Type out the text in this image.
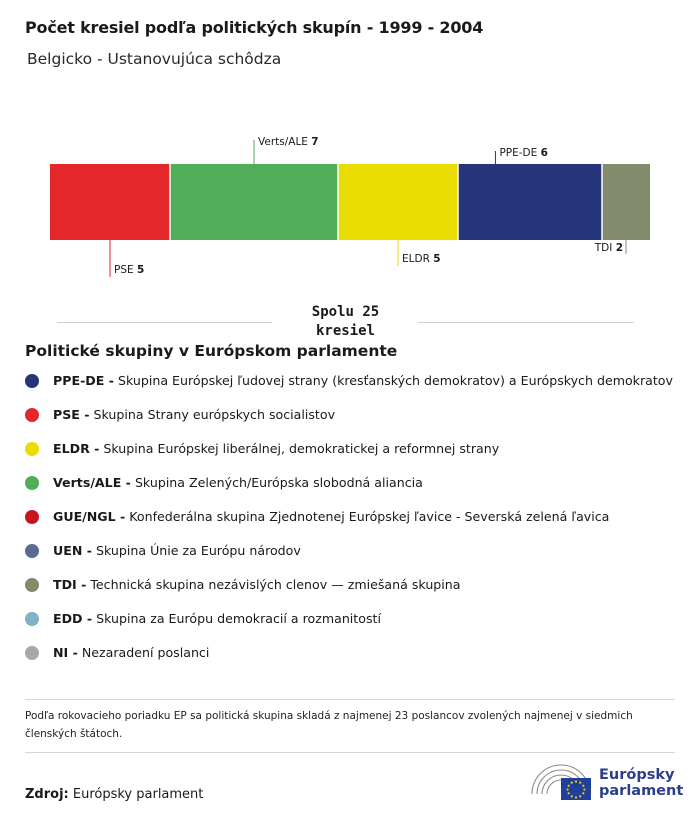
Počet kresiel podľa politických skupín - 1999 - 2004
Belgicko - Ustanovujúca schôdza
PSE 5
Verts/ALE 7
ELDR 5
PPE-DE 6
TDI 2
Spolu 25
kresiel
Politické skupiny v Európskom parlamente
PPE-DE - Skupina Európskej ľudovej strany (kresťanských demokratov) a Európskych demokratov
PSE - Skupina Strany európskych socialistov
ELDR - Skupina Európskej liberálnej, demokratickej a reformnej strany
Verts/ALE - Skupina Zelených/Európska slobodná aliancia
GUE/NGL - Konfederálna skupina Zjednotenej Európskej ľavice - Severská zelená ľavica
UEN - Skupina Únie za Európu národov
TDI - Technická skupina nezávislých clenov — zmiešaná skupina
EDD - Skupina za Európu demokracií a rozmanitostí
NI - Nezaradení poslanci
Podľa rokovacieho poriadku EP sa politická skupina skladá z najmenej 23 poslancov zvolených najmenej v siedmich členských štátoch.
Zdroj: Európsky parlament
Európsky
parlament
